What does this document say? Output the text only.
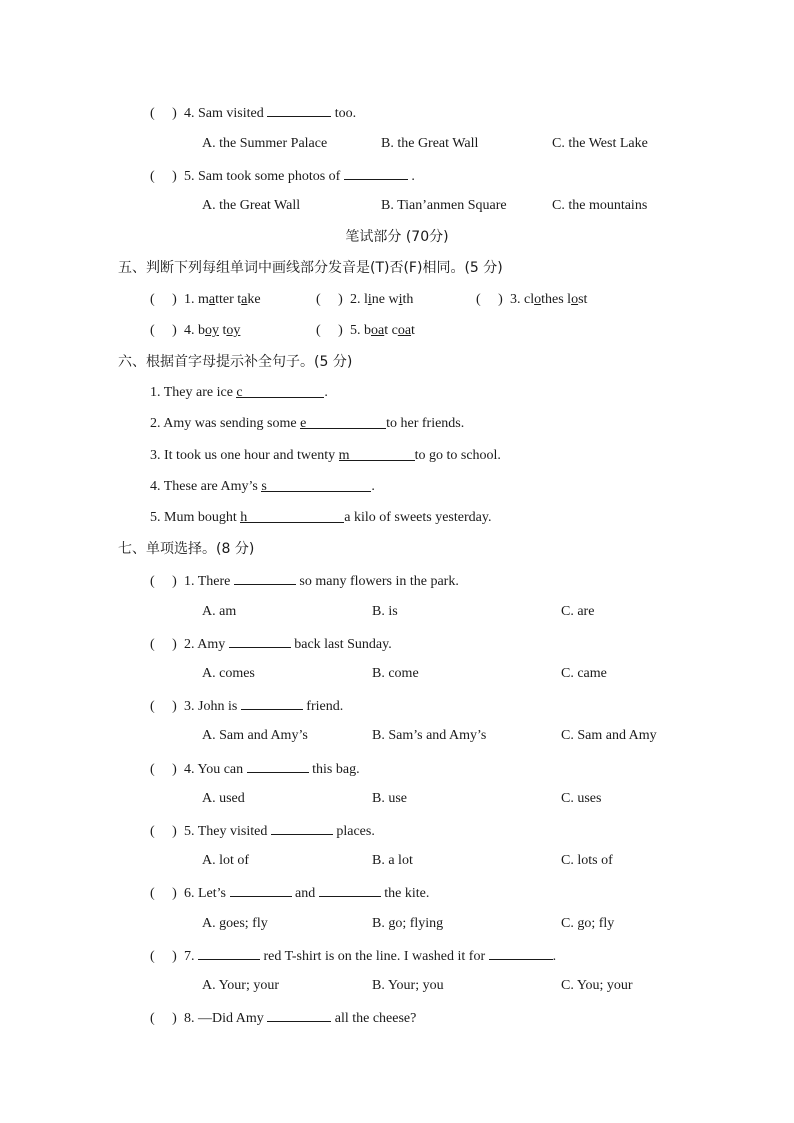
(     ) 4. Sam visited	too.
A. the Summer Palace	B. the Great Wall	C. the West Lake
(     ) 5. Sam took some photos of	.
A. the Great Wall	B. Tian’anmen Square	C. the mountains
笔试部分 (70分)
五、判断下列每组单词中画线部分发音是(T)否(F)相同。(5 分)
(     ) 1. matter take	(     ) 2. line with	(     ) 3. clothes lost
(     ) 4. boy toy	(     ) 5. boat coat
六、根据首字母提示补全句子。(5 分)
1. They are ice c	.
2. Amy was sending some e	to her friends.
3. It took us one hour and twenty m	to go to school.
4. These are Amy’s s	.
5. Mum bought h	a kilo of sweets yesterday.
七、单项选择。(8 分)
(     ) 1. There	so many flowers in the park.
A. am	B. is	C. are
(     ) 2. Amy	back last Sunday.
A. comes	B. come	C. came
(     ) 3. John is	friend.
A. Sam and Amy’s	B. Sam’s and Amy’s	C. Sam and Amy
(     ) 4. You can	this bag.
A. used	B. use	C. uses
(     ) 5. They visited	places.
A. lot of	B. a lot	C. lots of
(     ) 6. Let’s	and	the kite.
A. goes; fly	B. go; flying	C. go; fly
(     ) 7.	red T-shirt is on the line. I washed it for	.
A. Your; your	B. Your; you	C. You; your
(     ) 8. —Did Amy	all the cheese?
